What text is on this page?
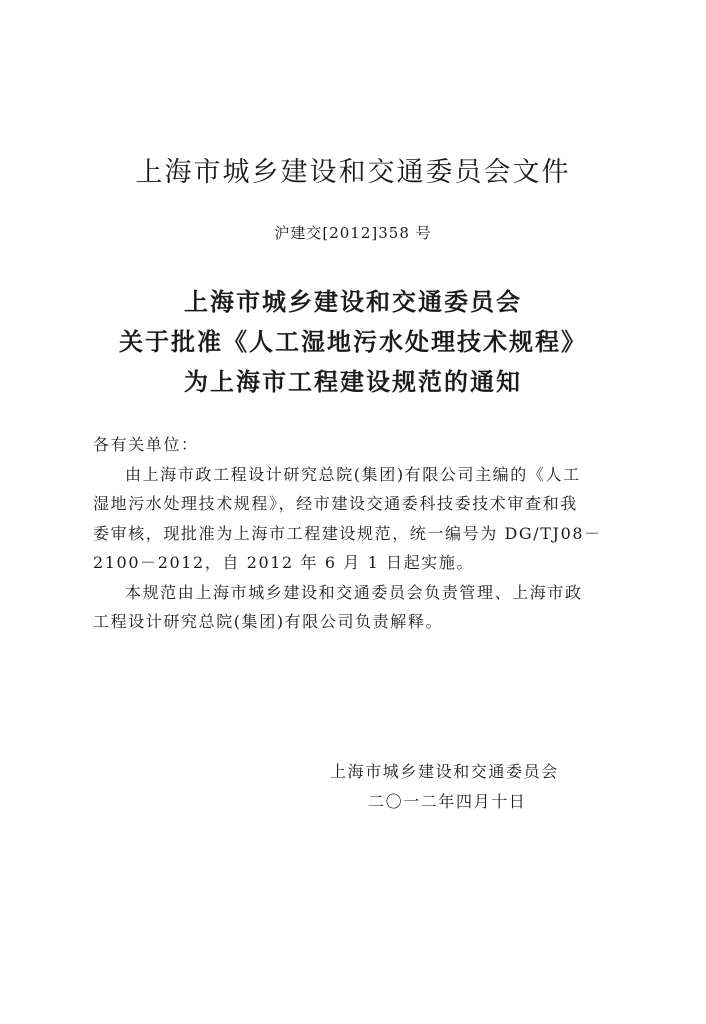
上海市城乡建设和交通委员会文件
沪建交[2012]358 号
上海市城乡建设和交通委员会
关于批准《人工湿地污水处理技术规程》
为上海市工程建设规范的通知
各有关单位：
由上海市政工程设计研究总院(集团)有限公司主编的《人工
湿地污水处理技术规程》，经市建设交通委科技委技术审查和我
委审核，现批准为上海市工程建设规范，统一编号为 DG/TJ08－
2100－2012，自 2012 年 6 月 1 日起实施。
本规范由上海市城乡建设和交通委员会负责管理、上海市政
工程设计研究总院(集团)有限公司负责解释。
上海市城乡建设和交通委员会
二〇一二年四月十日
